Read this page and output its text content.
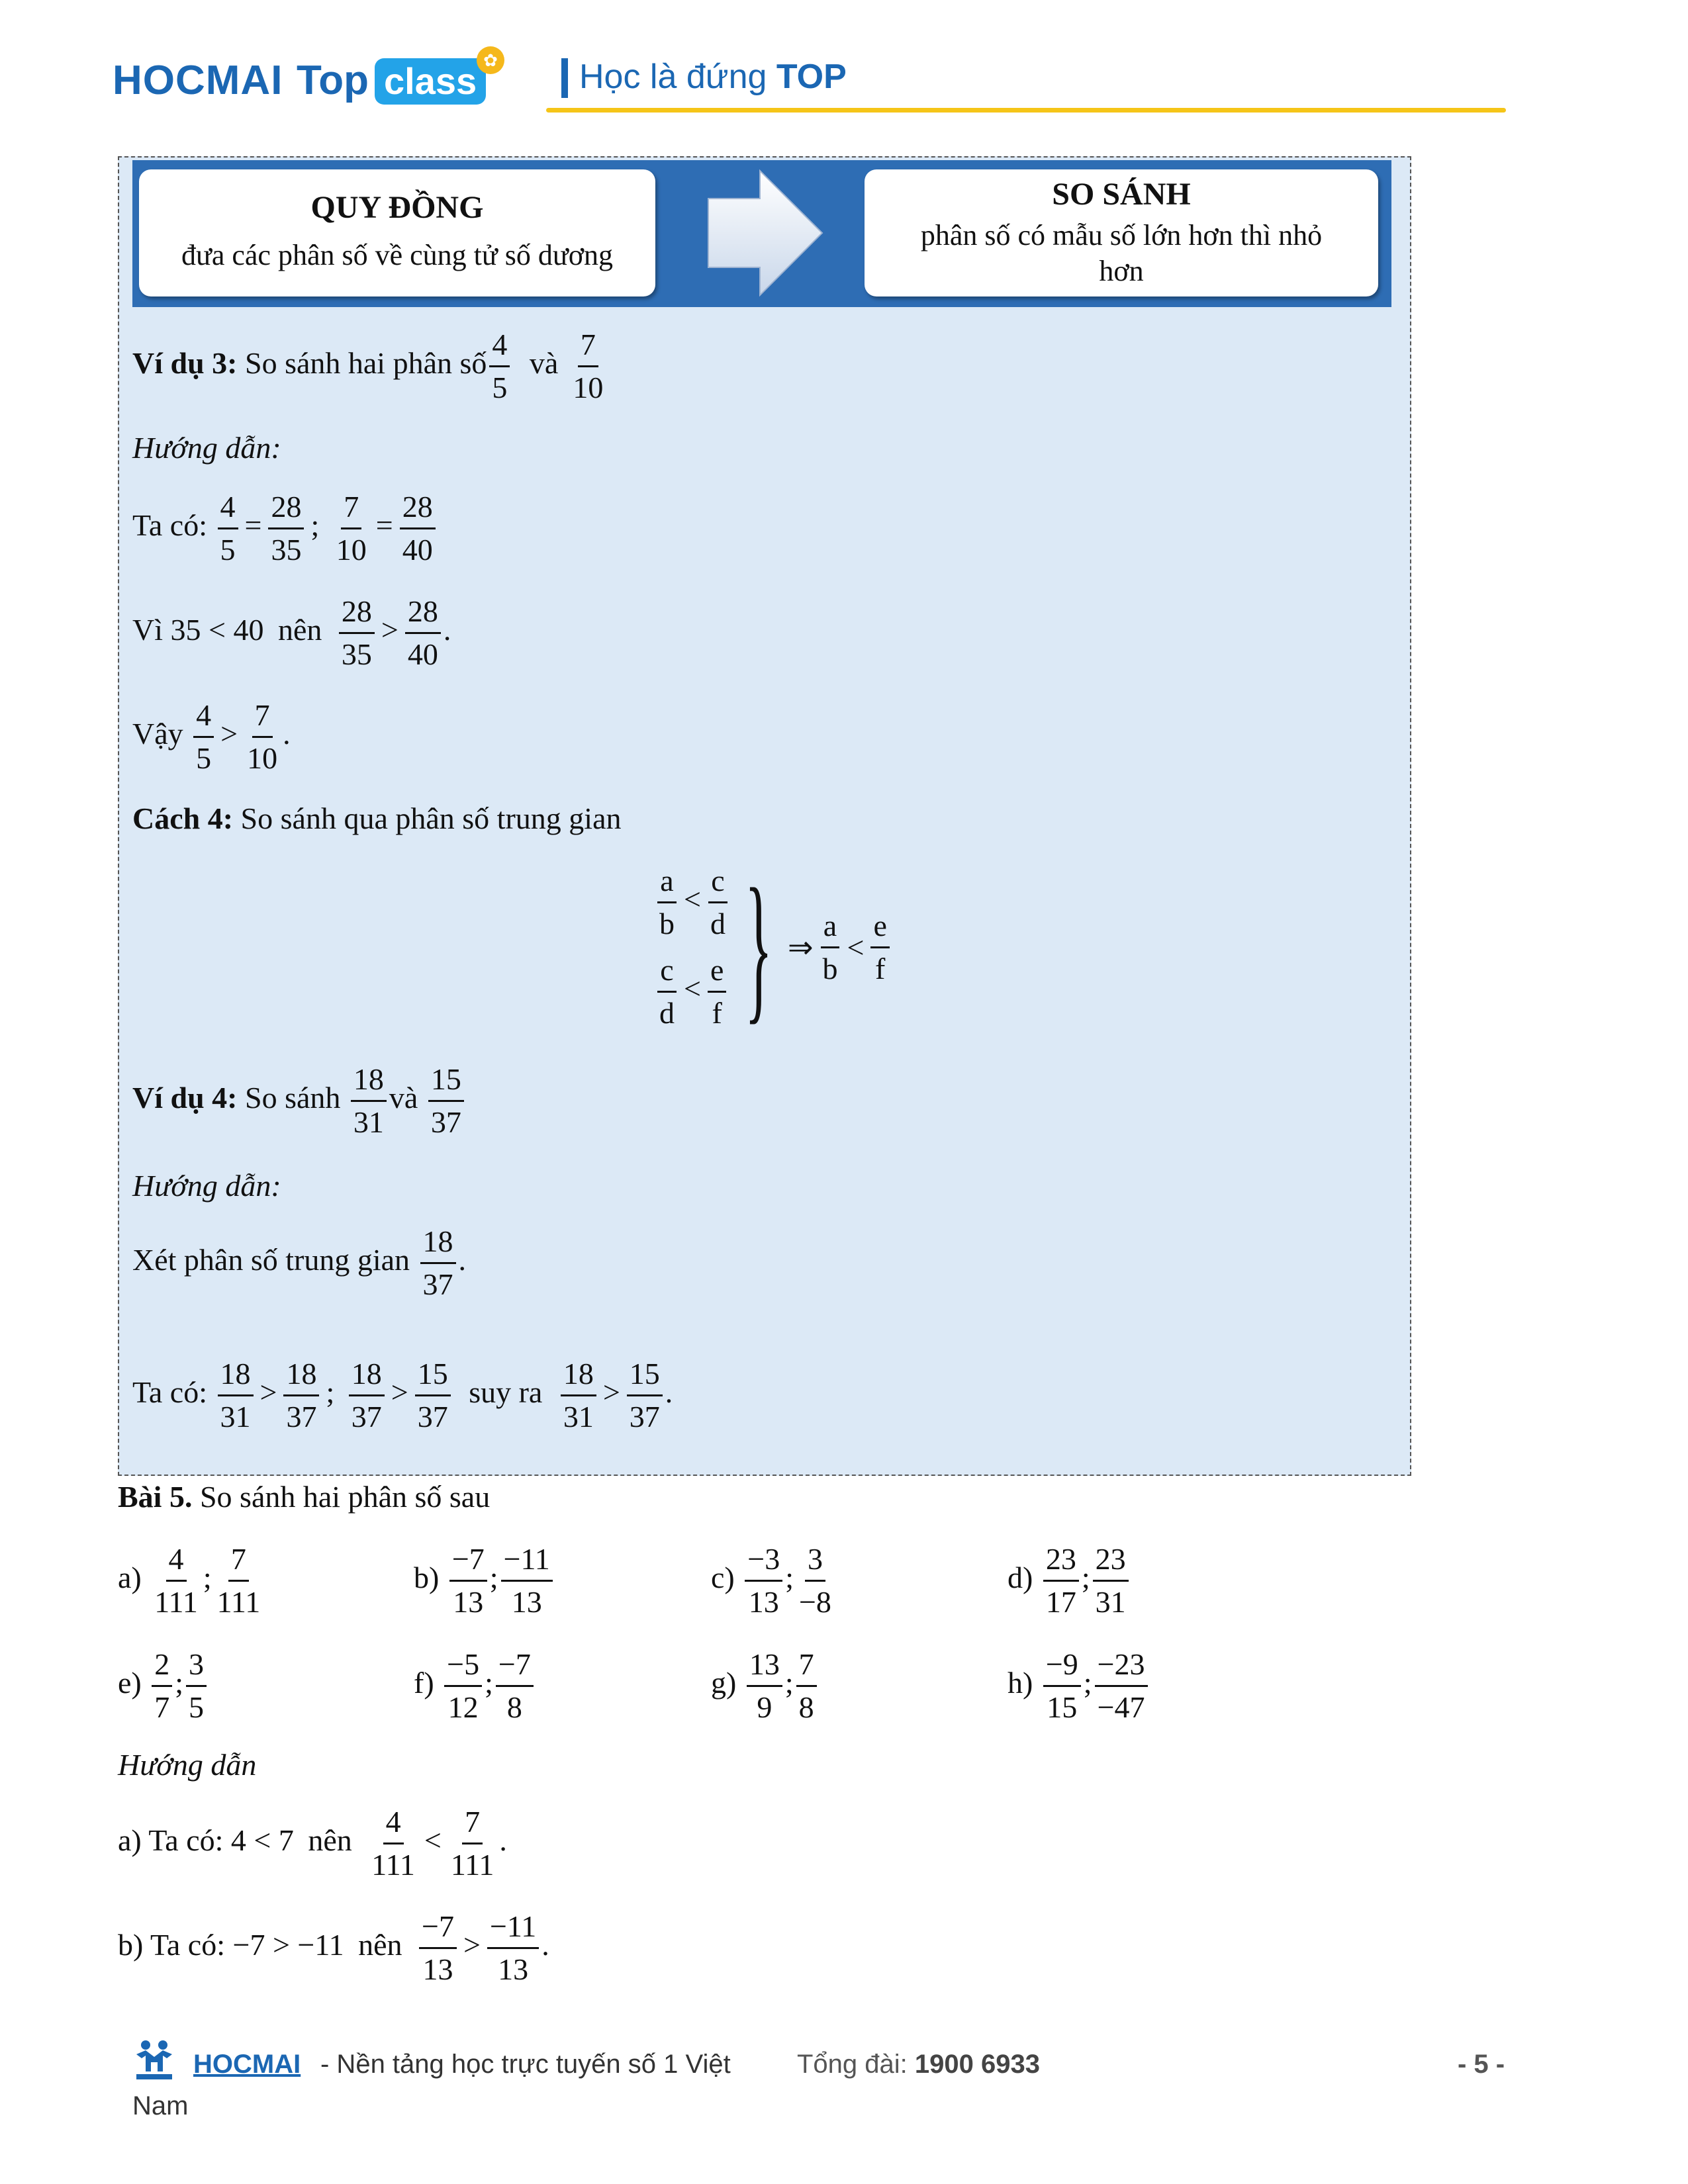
HOCMAI Top class ✿ Học là đứng TOP
QUY ĐỒNG
đưa các phân số về cùng tử số dương
SO SÁNH
phân số có mẫu số lớn hơn thì nhỏ
hơn
Ví dụ 3: So sánh hai phân số $\frac{4}{5}$ và $\frac{7}{10}$
Hướng dẫn:
Ta có: $\frac{4}{5} = \frac{28}{35}$ ; $\frac{7}{10} = \frac{28}{40}$
Vì 35 < 40 nên $\frac{28}{35} > \frac{28}{40}$ .
Vậy $\frac{4}{5} > \frac{7}{10}$ .
Cách 4: So sánh qua phân số trung gian
$\frac{a}{b} < \frac{c}{d}$
$\frac{c}{d} < \frac{e}{f}$ } ⇒ $\frac{a}{b} < \frac{e}{f}$
Ví dụ 4: So sánh $\frac{18}{31}$ và $\frac{15}{37}$
Hướng dẫn:
Xét phân số trung gian $\frac{18}{37}$ .
Ta có: $\frac{18}{31} > \frac{18}{37}$ ; $\frac{18}{37} > \frac{15}{37}$ suy ra $\frac{18}{31} > \frac{15}{37}$ .
Bài 5. So sánh hai phân số sau
$a) \frac{4}{111}$ ; $\frac{7}{111}$	$b) \frac{-7}{13}$ ; $\frac{-11}{13}$	$c) \frac{-3}{13}$ ; $\frac{3}{-8}$	$d) \frac{23}{17}$ ; $\frac{23}{31}$
$e) \frac{2}{7}$ ; $\frac{3}{5}$	$f) \frac{-5}{12}$ ; $\frac{-7}{8}$	$g) \frac{13}{9}$ ; $\frac{7}{8}$	$h) \frac{-9}{15}$ ; $\frac{-23}{-47}$
Hướng dẫn
a) Ta có: 4 < 7 nên $\frac{4}{111} < \frac{7}{111}$ .
b) Ta có: −7 > −11 nên $\frac{-7}{13} > \frac{-11}{13}$ .
HOCMAI - Nền tảng học trực tuyến số 1 Việt	Tổng đài: 1900 6933
Nam
- 5 -
